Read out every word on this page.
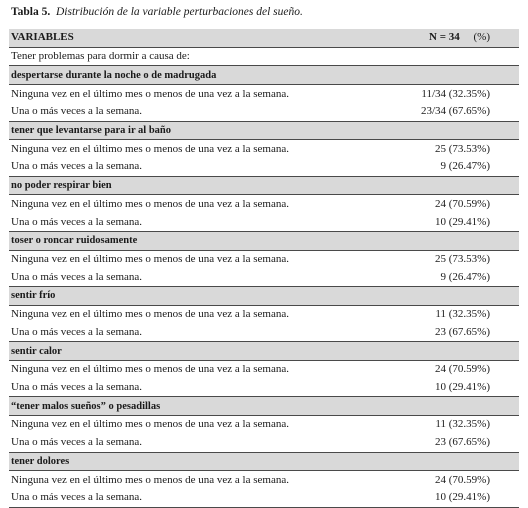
Tabla 5. Distribución de la variable perturbaciones del sueño.
VARIABLES	N = 34 (%)
Tener problemas para dormir a causa de:	
despertarse durante la noche o de madrugada	
Ninguna vez en el último mes o menos de una vez a la semana.	11/34 (32.35%)
Una o más veces a la semana.	23/34 (67.65%)
tener que levantarse para ir al baño	
Ninguna vez en el último mes o menos de una vez a la semana.	25 (73.53%)
Una o más veces a la semana.	9 (26.47%)
no poder respirar bien	
Ninguna vez en el último mes o menos de una vez a la semana.	24 (70.59%)
Una o más veces a la semana.	10 (29.41%)
toser o roncar ruidosamente	
Ninguna vez en el último mes o menos de una vez a la semana.	25 (73.53%)
Una o más veces a la semana.	9 (26.47%)
sentir frío	
Ninguna vez en el último mes o menos de una vez a la semana.	11 (32.35%)
Una o más veces a la semana.	23 (67.65%)
sentir calor	
Ninguna vez en el último mes o menos de una vez a la semana.	24 (70.59%)
Una o más veces a la semana.	10 (29.41%)
“tener malos sueños” o pesadillas	
Ninguna vez en el último mes o menos de una vez a la semana.	11 (32.35%)
Una o más veces a la semana.	23 (67.65%)
tener dolores	
Ninguna vez en el último mes o menos de una vez a la semana.	24 (70.59%)
Una o más veces a la semana.	10 (29.41%)
